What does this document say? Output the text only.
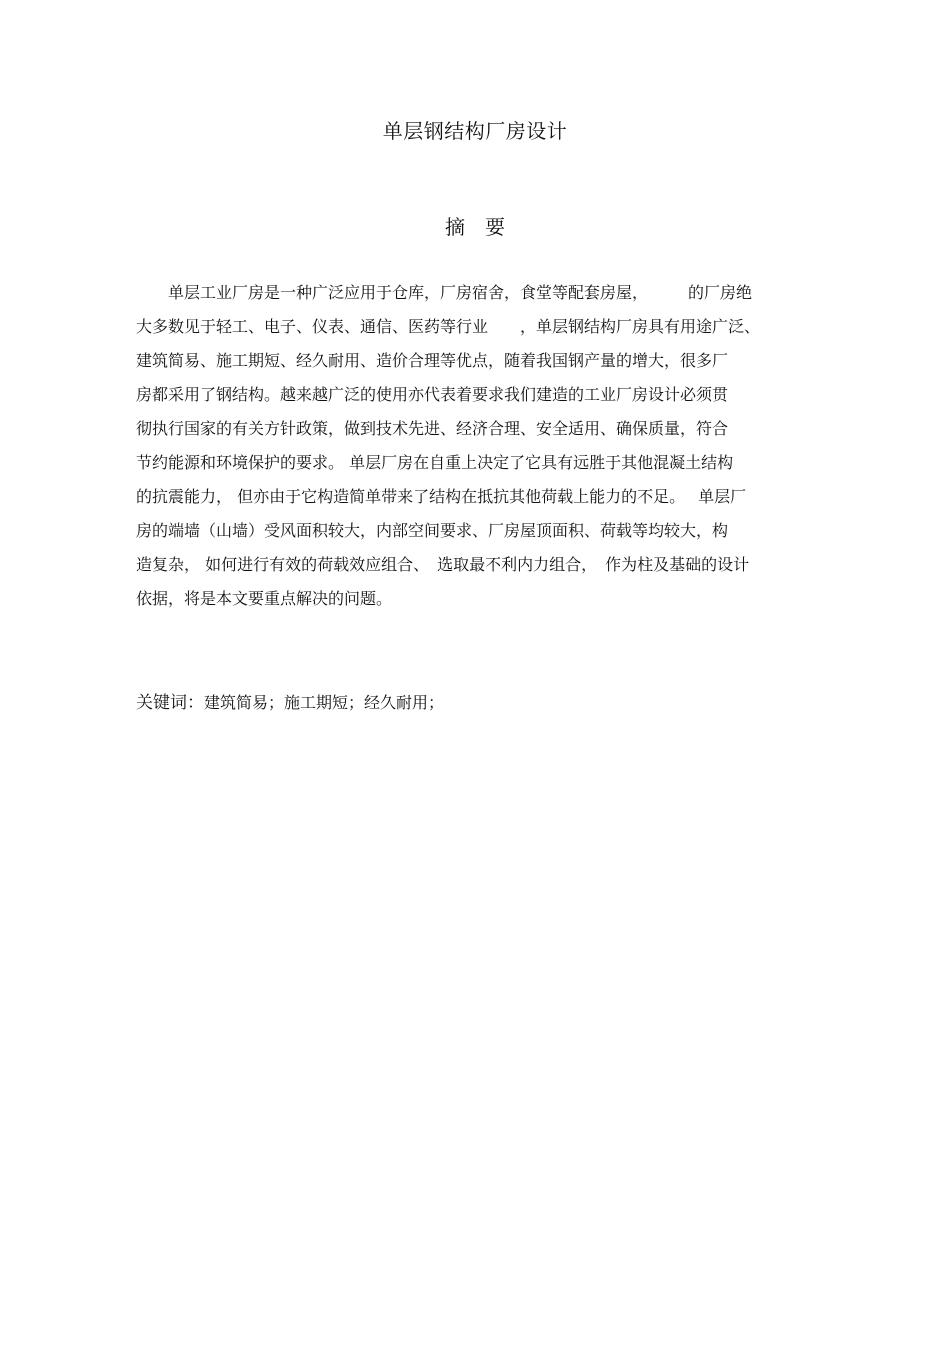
单层钢结构厂房设计
摘 要
　　单层工业厂房是一种广泛应用于仓库，厂房宿舍，食堂等配套房屋，　　　的厂房绝
大多数见于轻工、电子、仪表、通信、医药等行业　　，单层钢结构厂房具有用途广泛、
建筑简易、施工期短、经久耐用、造价合理等优点，随着我国钢产量的增大，很多厂
房都采用了钢结构。越来越广泛的使用亦代表着要求我们建造的工业厂房设计必须贯
彻执行国家的有关方针政策，做到技术先进、经济合理、安全适用、确保质量，符合
节约能源和环境保护的要求。 单层厂房在自重上决定了它具有远胜于其他混凝土结构
的抗震能力， 但亦由于它构造简单带来了结构在抵抗其他荷载上能力的不足。　 单层厂
房的端墙（山墙）受风面积较大，内部空间要求、厂房屋顶面积、荷载等均较大，构
造复杂， 如何进行有效的荷载效应组合、　选取最不利内力组合，　作为柱及基础的设计
依据，将是本文要重点解决的问题。
关键词：建筑简易；施工期短；经久耐用；
